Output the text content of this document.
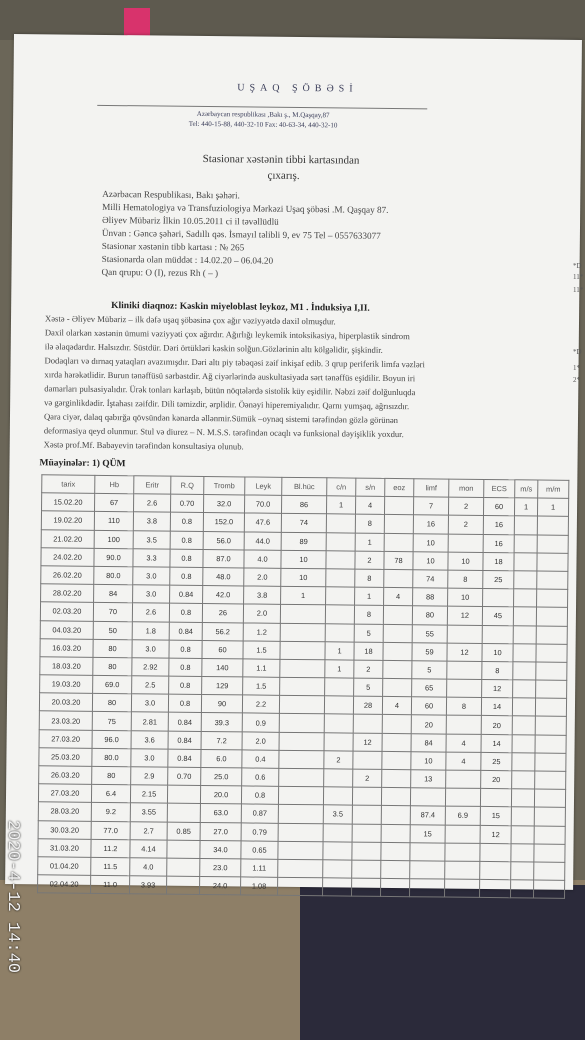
UŞAQ ŞÖBƏSİ
Azərbaycan respublikası ,Bakı ş., M.Qaşqay,87
Tel: 440-15-88, 440-32-10 Fax: 40-63-34, 440-32-10
Stasionar xəstənin tibbi kartasından
çıxarış.
Azərbacan Respublikası, Bakı şəhəri.
Milli Hematologiya və Transfuziologiya Mərkəzi Uşaq şöbəsi .M. Qaşqay 87.
Əliyev Mübariz İlkin 10.05.2011 ci il təvəllüdlü
Ünvan : Gəncə şəhəri, Sadıllı qəs. İsmayıl təlibli 9, ev 75 Tel – 0557633077
Stasionar xəstənin tibb kartası : № 265
Stasionarda olan müddət : 14.02.20 – 06.04.20
Qan qrupu: O (I), rezus Rh ( – )
Kliniki diaqnoz: Kəskin miyeloblast leykoz, M1 . İnduksiya I,II.
Xəstə - Əliyev Mübariz – ilk dəfə uşaq şöbəsinə çox ağır vəziyyətdə daxil olmuşdur.
Daxil olarkən xəstənin ümumi vəziyyəti çox ağırdır. Ağırlığı leykemik intoksikasiya, hiperplastik sindrom
ilə əlaqədardır. Halsızdır. Süstdür. Dəri örtükləri kəskin solğun.Gözlərinin altı kölgəlidir, şişkindir.
Dodaqları və dırnaq yataqları avazımışdır. Dəri altı piy təbəqəsi zəif inkişaf edib. 3 qrup periferik limfa vəzləri
xırda hərəkətlidir. Burun tənəffüsü sərbəstdir. Ağ ciyərlərində auskultasiyada sərt tənəffüs eşidilir. Boyun iri
damarları pulsasiyalıdır. Ürək tonları karlaşıb, bütün nöqtələrdə sistolik küy eşidilir. Nəbzi zəif dolğunluqda
və gərginlikdədir. İştahası zəifdir. Dili təmizdir, ərplidir. Öənəyi hiperemiyalıdır. Qarnı yumşaq, ağrısızdır.
Qara ciyər, dalaq qabırğa qövsündən kənarda əllənmir.Sümük –oynaq sistemi tərəfindən gözlə görünən
deformasiya qeyd olunmur. Stul və diurez – N. M.S.S. tərəfindən ocaqlı və funksional dəyişiklik yoxdur.
Xəstə prof.Mf. Babayevin tərəfindən konsultasiya olunub.
Müayinələr: 1) QÜM
tarix	Hb	Eritr	R.Q	Tromb	Leyk	Bl.hüc	c/n	s/n	eoz	limf	mon	ECS	m/s	m/m
15.02.20	67	2.6	0.70	32.0	70.0	86	1	4		7	2	60	1	1
19.02.20	110	3.8	0.8	152.0	47.6	74		8		16	2	16		
21.02.20	100	3.5	0.8	56.0	44.0	89		1		10		16		
24.02.20	90.0	3.3	0.8	87.0	4.0	10		2	78	10	10	18		
26.02.20	80.0	3.0	0.8	48.0	2.0	10		8		74	8	25		
28.02.20	84	3.0	0.84	42.0	3.8	1		1	4	88	10			
02.03.20	70	2.6	0.8	26	2.0			8		80	12	45		
04.03.20	50	1.8	0.84	56.2	1.2			5		55				
16.03.20	80	3.0	0.8	60	1.5		1	18		59	12	10		
18.03.20	80	2.92	0.8	140	1.1		1	2		5		8		
19.03.20	69.0	2.5	0.8	129	1.5			5		65		12		
20.03.20	80	3.0	0.8	90	2.2			28	4	60	8	14		
23.03.20	75	2.81	0.84	39.3	0.9					20		20		
27.03.20	96.0	3.6	0.84	7.2	2.0			12		84	4	14		
25.03.20	80.0	3.0	0.84	6.0	0.4		2			10	4	25		
26.03.20	80	2.9	0.70	25.0	0.6			2		13		20		
27.03.20	6.4	2.15		20.0	0.8									
28.03.20	9.2	3.55		63.0	0.87		3.5			87.4	6.9	15		
30.03.20	77.0	2.7	0.85	27.0	0.79					15		12		
31.03.20	11.2	4.14		34.0	0.65									
01.04.20	11.5	4.0		23.0	1.11									
02.04.20	11.0	3.93		24.0	1.08									
*D
11*
11*
*D
1*
2*
2020-4-12 14:40
